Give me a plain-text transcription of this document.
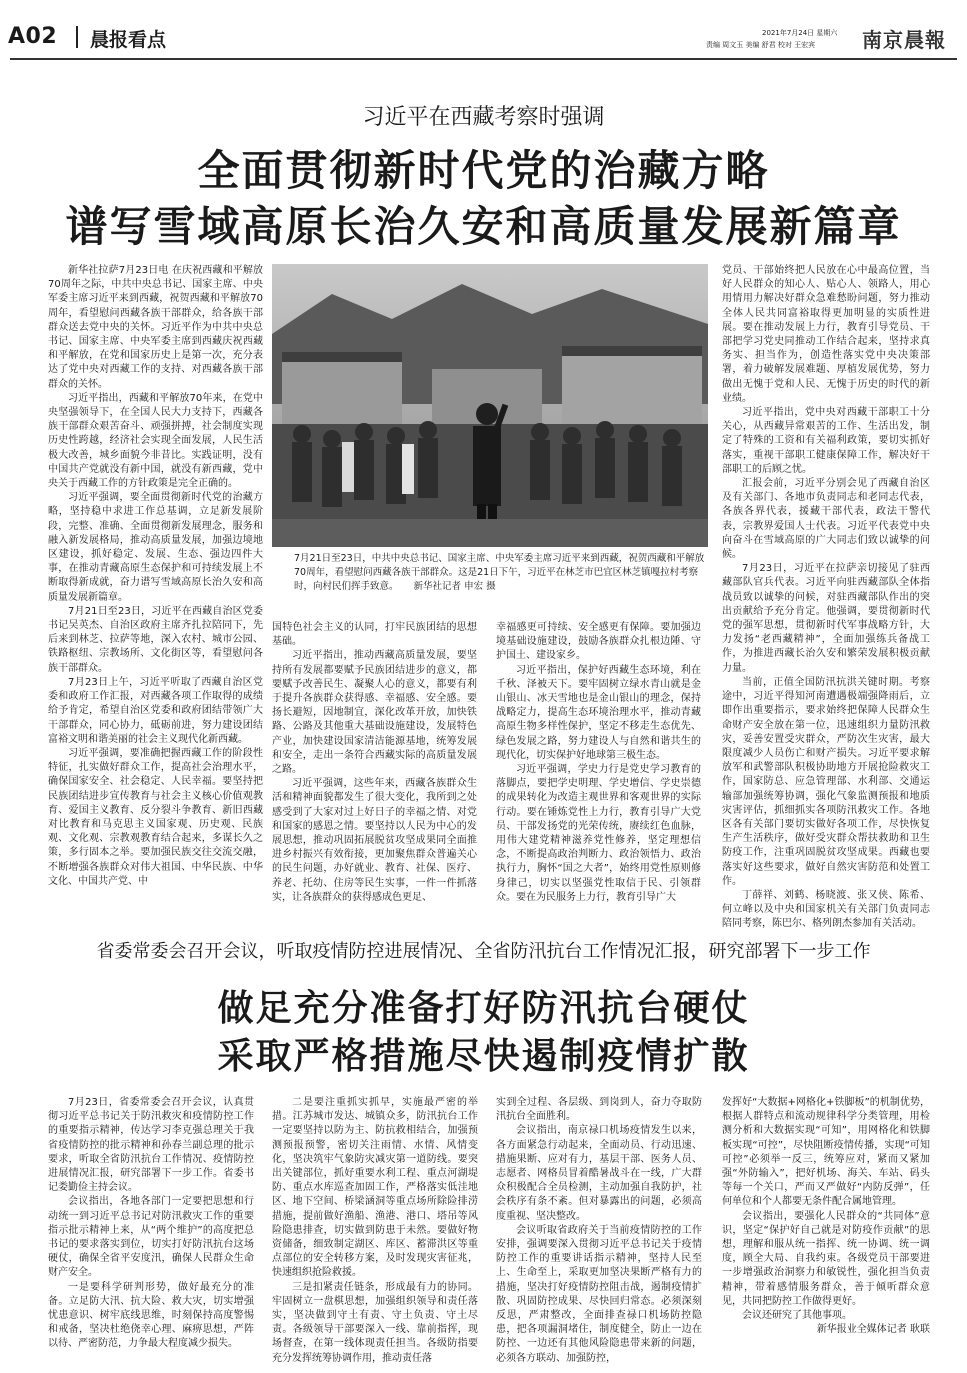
A02 晨报看点	2021年7月24日 星期六
责编 周文玉 美编 舒君 校对 王宏宾 南京晨報
习近平在西藏考察时强调
全面贯彻新时代党的治藏方略
谱写雪域高原长治久安和高质量发展新篇章

新华社拉萨7月23日电 在庆祝西藏和平解放70周年之际，中共中央总书记、国家主席、中央军委主席习近平来到西藏，祝贺西藏和平解放70周年，看望慰问西藏各族干部群众，给各族干部群众送去党中央的关怀。习近平作为中共中央总书记、国家主席、中央军委主席到西藏庆祝西藏和平解放，在党和国家历史上是第一次，充分表达了党中央对西藏工作的支持、对西藏各族干部群众的关怀。

习近平指出，西藏和平解放70年来，在党中央坚强领导下，在全国人民大力支持下，西藏各族干部群众艰苦奋斗、顽强拼搏，社会制度实现历史性跨越，经济社会实现全面发展，人民生活极大改善，城乡面貌今非昔比。实践证明，没有中国共产党就没有新中国，就没有新西藏，党中央关于西藏工作的方针政策是完全正确的。

习近平强调，要全面贯彻新时代党的治藏方略，坚持稳中求进工作总基调，立足新发展阶段，完整、准确、全面贯彻新发展理念，服务和融入新发展格局，推动高质量发展，加强边境地区建设，抓好稳定、发展、生态、强边四件大事，在推动青藏高原生态保护和可持续发展上不断取得新成就，奋力谱写雪域高原长治久安和高质量发展新篇章。

7月21日至23日，习近平在西藏自治区党委书记吴英杰、自治区政府主席齐扎拉陪同下，先后来到林芝、拉萨等地，深入农村、城市公园、铁路枢纽、宗教场所、文化街区等，看望慰问各族干部群众。

7月23日上午，习近平听取了西藏自治区党委和政府工作汇报，对西藏各项工作取得的成绩给予肯定，希望自治区党委和政府团结带领广大干部群众，同心协力，砥砺前进，努力建设团结富裕文明和谐美丽的社会主义现代化新西藏。

习近平强调，要准确把握西藏工作的阶段性特征，扎实做好群众工作，提高社会治理水平，确保国家安全、社会稳定、人民幸福。要坚持把民族团结进步宣传教育与社会主义核心价值观教育、爱国主义教育、反分裂斗争教育、新旧西藏对比教育和马克思主义国家观、历史观、民族观、文化观、宗教观教育结合起来，多谋长久之策，多行固本之举。要加强民族交往交流交融，不断增强各族群众对伟大祖国、中华民族、中华文化、中国共产党、中

7月21日至23日，中共中央总书记、国家主席、中央军委主席习近平来到西藏，祝贺西藏和平解放70周年，看望慰问西藏各族干部群众。这是21日下午，习近平在林芝市巴宜区林芝镇嘎拉村考察时，向村民们挥手致意。 新华社记者 申宏 摄

国特色社会主义的认同，打牢民族团结的思想基础。

习近平指出，推动西藏高质量发展，要坚持所有发展都要赋予民族团结进步的意义，都要赋予改善民生、凝聚人心的意义，都要有利于提升各族群众获得感、幸福感、安全感。要扬长避短，因地制宜，深化改革开放，加快铁路、公路及其他重大基础设施建设，发展特色产业，加快建设国家清洁能源基地，统筹发展和安全，走出一条符合西藏实际的高质量发展之路。

习近平强调，这些年来，西藏各族群众生活和精神面貌都发生了很大变化，我所到之处感受到了大家对过上好日子的幸福之情、对党和国家的感恩之情。要坚持以人民为中心的发展思想，推动巩固拓展脱贫攻坚成果同全面推进乡村振兴有效衔接，更加聚焦群众普遍关心的民生问题，办好就业、教育、社保、医疗、养老、托幼、住房等民生实事，一件一件抓落实，让各族群众的获得感成色更足、

幸福感更可持续、安全感更有保障。要加强边境基础设施建设，鼓励各族群众扎根边陲、守护国土、建设家乡。

习近平指出，保护好西藏生态环境，利在千秋、泽被天下。要牢固树立绿水青山就是金山银山、冰天雪地也是金山银山的理念，保持战略定力，提高生态环境治理水平，推动青藏高原生物多样性保护，坚定不移走生态优先、绿色发展之路，努力建设人与自然和谐共生的现代化，切实保护好地球第三极生态。

习近平强调，学史力行是党史学习教育的落脚点，要把学史明理、学史增信、学史崇德的成果转化为改造主观世界和客观世界的实际行动。要在锤炼党性上力行，教育引导广大党员、干部发扬党的光荣传统，赓续红色血脉，用伟大建党精神滋养党性修养，坚定理想信念，不断提高政治判断力、政治领悟力、政治执行力，胸怀“国之大者”，始终用党性原则修身律己，切实以坚强党性取信于民、引领群众。要在为民服务上力行，教育引导广大

党员、干部始终把人民放在心中最高位置，当好人民群众的知心人、贴心人、领路人，用心用情用力解决好群众急难愁盼问题，努力推动全体人民共同富裕取得更加明显的实质性进展。要在推动发展上力行，教育引导党员、干部把学习党史同推动工作结合起来，坚持求真务实、担当作为，创造性落实党中央决策部署，着力破解发展难题、厚植发展优势，努力做出无愧于党和人民、无愧于历史的时代的新业绩。

习近平指出，党中央对西藏干部职工十分关心，从西藏异常艰苦的工作、生活出发，制定了特殊的工资和有关福利政策，要切实抓好落实，重视干部职工健康保障工作，解决好干部职工的后顾之忧。

汇报会前，习近平分别会见了西藏自治区及有关部门、各地市负责同志和老同志代表，各族各界代表，援藏干部代表，政法干警代表，宗教界爱国人士代表。习近平代表党中央向奋斗在雪域高原的广大同志们致以诚挚的问候。

7月23日，习近平在拉萨亲切接见了驻西藏部队官兵代表。习近平向驻西藏部队全体指战员致以诚挚的问候，对驻西藏部队作出的突出贡献给予充分肯定。他强调，要贯彻新时代党的强军思想，贯彻新时代军事战略方针，大力发扬“老西藏精神”，全面加强练兵备战工作，为推进西藏长治久安和繁荣发展积极贡献力量。

当前，正值全国防汛抗洪关键时期。考察途中，习近平得知河南遭遇极端强降雨后，立即作出重要指示，要求始终把保障人民群众生命财产安全放在第一位，迅速组织力量防汛救灾，妥善安置受灾群众，严防次生灾害，最大限度减少人员伤亡和财产损失。习近平要求解放军和武警部队积极协助地方开展抢险救灾工作，国家防总、应急管理部、水利部、交通运输部加强统筹协调，强化气象监测预报和地质灾害评估，抓细抓实各项防汛救灾工作。各地区各有关部门要切实做好各项工作，尽快恢复生产生活秩序，做好受灾群众帮扶救助和卫生防疫工作，注重巩固脱贫攻坚成果。西藏也要落实好这些要求，做好自然灾害防范和处置工作。

丁薛祥、刘鹤、杨晓渡、张又侠、陈希、何立峰以及中央和国家机关有关部门负责同志陪同考察，陈巴尔、格列朗杰参加有关活动。

省委常委会召开会议，听取疫情防控进展情况、全省防汛抗台工作情况汇报，研究部署下一步工作
做足充分准备打好防汛抗台硬仗
采取严格措施尽快遏制疫情扩散

7月23日，省委常委会召开会议，认真贯彻习近平总书记关于防汛救灾和疫情防控工作的重要指示精神，传达学习李克强总理关于我省疫情防控的批示精神和孙春兰副总理的批示要求，听取全省防汛抗台工作情况、疫情防控进展情况汇报，研究部署下一步工作。省委书记娄勤俭主持会议。

会议指出，各地各部门一定要把思想和行动统一到习近平总书记对防汛救灾工作的重要指示批示精神上来，从“两个维护”的高度把总书记的要求落实到位，切实打好防汛抗台这场硬仗，确保全省平安度汛，确保人民群众生命财产安全。

一是要科学研判形势，做好最充分的准备。立足防大汛、抗大险、救大灾，切实增强忧患意识、树牢底线思维，时刻保持高度警惕和戒备，坚决杜绝侥幸心理、麻痹思想，严阵以待、严密防范，力争最大程度减少损失。

二是要注重抓实抓早，实施最严密的举措。江苏城市发达、城镇众多，防汛抗台工作一定要坚持以防为主、防抗救相结合，加强预测预报预警，密切关注雨情、水情、风情变化，坚决筑牢气象防灾减灾第一道防线。要突出关键部位，抓好重要水利工程、重点河湖堤防、重点水库巡查加固工作，严格落实低洼地区、地下空间、桥梁涵洞等重点场所除险排涝措施，提前做好渔船、渔港、港口、塔吊等风险隐患排查，切实做到防患于未然。要做好物资储备，细致制定湖区、库区、蓄滞洪区等重点部位的安全转移方案，及时发现灾害征兆，快速组织抢险救援。

三是扣紧责任链条，形成最有力的协同。牢固树立一盘棋思想，加强组织领导和责任落实，坚决做到守土有责、守土负责、守土尽责。各级领导干部要深入一线、靠前指挥，现场督查，在第一线体现责任担当。各级防指要充分发挥统筹协调作用，推动责任落

实到全过程、各层级、到岗到人，奋力夺取防汛抗台全面胜利。

会议指出，南京禄口机场疫情发生以来，各方面紧急行动起来，全面动员、行动迅速、措施果断、应对有力，基层干部、医务人员、志愿者、网格员冒着酷暑战斗在一线，广大群众积极配合全员检测，主动加强自我防护，社会秩序有条不紊。但对暴露出的问题，必须高度重视、坚决整改。

会议听取省政府关于当前疫情防控的工作安排，强调要深入贯彻习近平总书记关于疫情防控工作的重要讲话指示精神，坚持人民至上、生命至上，采取更加坚决果断严格有力的措施，坚决打好疫情防控阻击战，遏制疫情扩散、巩固防控成果、尽快回归常态。必须深刻反思，严肃整改，全面排查禄口机场防控隐患，把各项漏洞堵住，制度健全，防止一边在防控、一边还有其他风险隐患带来新的问题，必须各方联动、加强防控，

发挥好“大数据+网格化+铁脚板”的机制优势，根据人群特点和流动规律科学分类管理，用检测分析和大数据实现“可知”，用网格化和铁脚板实现“可控”，尽快阻断疫情传播，实现“可知可控”必须举一反三，统筹应对，紧而又紧加强“外防输入”，把好机场、海关、车站、码头等每一个关口，严而又严做好“内防反弹”，任何单位和个人都要无条件配合属地管理。

会议指出，要强化人民群众的“共同体”意识，坚定“保护好自己就是对防疫作贡献”的思想，理解和服从统一指挥、统一协调、统一调度，顾全大局、自我约束。各级党员干部要进一步增强政治洞察力和敏锐性，强化担当负责精神，带着感情服务群众，善于倾听群众意见，共同把防控工作做得更好。

会议还研究了其他事项。

新华报业全媒体记者 耿联
